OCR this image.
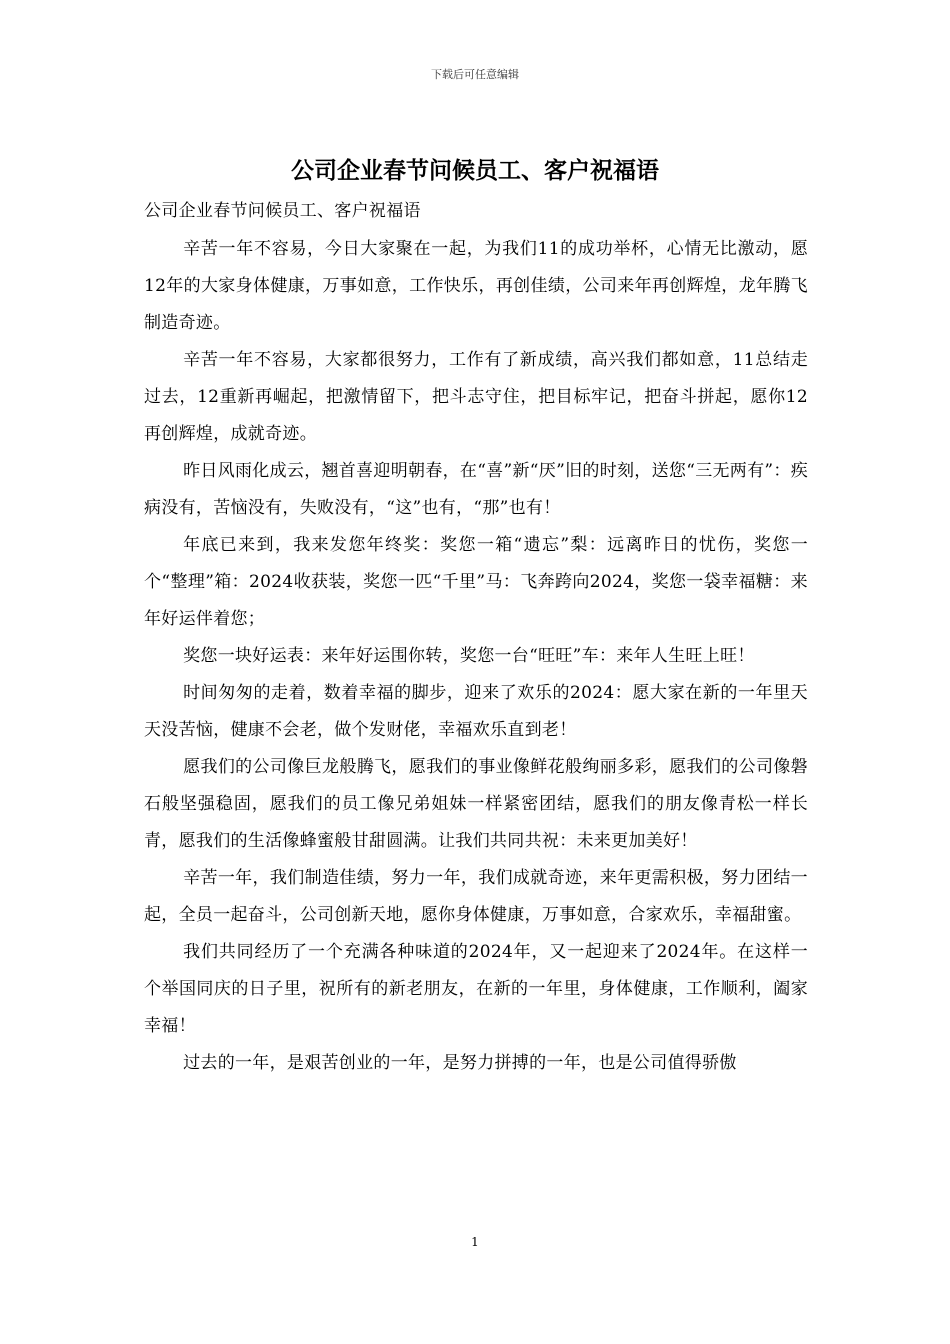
下载后可任意编辑
公司企业春节问候员工、客户祝福语

公司企业春节问候员工、客户祝福语

辛苦一年不容易，今日大家聚在一起，为我们11的成功举杯，心情无比激动，愿12年的大家身体健康，万事如意，工作快乐，再创佳绩，公司来年再创辉煌，龙年腾飞制造奇迹。

辛苦一年不容易，大家都很努力，工作有了新成绩，高兴我们都如意，11总结走过去，12重新再崛起，把激情留下，把斗志守住，把目标牢记，把奋斗拼起，愿你12再创辉煌，成就奇迹。

昨日风雨化成云，翘首喜迎明朝春，在“喜”新“厌”旧的时刻，送您“三无两有”：疾病没有，苦恼没有，失败没有，“这”也有，“那”也有！

年底已来到，我来发您年终奖：奖您一箱“遗忘”梨：远离昨日的忧伤，奖您一个“整理”箱：2024收获装，奖您一匹“千里”马：飞奔跨向2024，奖您一袋幸福糖：来年好运伴着您；

奖您一块好运表：来年好运围你转，奖您一台“旺旺”车：来年人生旺上旺！

时间匆匆的走着，数着幸福的脚步，迎来了欢乐的2024：愿大家在新的一年里天天没苦恼，健康不会老，做个发财佬，幸福欢乐直到老！

愿我们的公司像巨龙般腾飞，愿我们的事业像鲜花般绚丽多彩，愿我们的公司像磐石般坚强稳固，愿我们的员工像兄弟姐妹一样紧密团结，愿我们的朋友像青松一样长青，愿我们的生活像蜂蜜般甘甜圆满。让我们共同共祝：未来更加美好！

辛苦一年，我们制造佳绩，努力一年，我们成就奇迹，来年更需积极，努力团结一起，全员一起奋斗，公司创新天地，愿你身体健康，万事如意，合家欢乐，幸福甜蜜。

我们共同经历了一个充满各种味道的2024年，又一起迎来了2024年。在这样一个举国同庆的日子里，祝所有的新老朋友，在新的一年里，身体健康，工作顺利，阖家幸福！

过去的一年，是艰苦创业的一年，是努力拼搏的一年，也是公司值得骄傲

1
